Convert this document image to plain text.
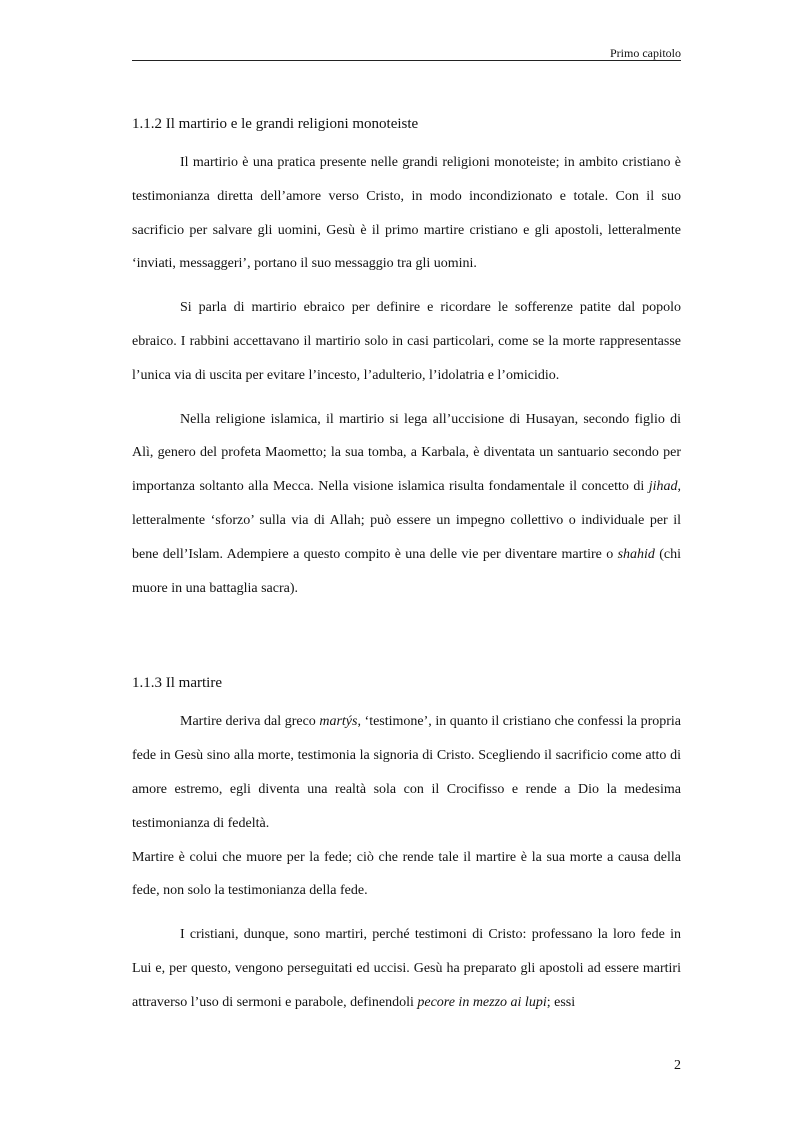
Primo capitolo
1.1.2 Il martirio e le grandi religioni monoteiste

Il martirio è una pratica presente nelle grandi religioni monoteiste; in ambito cristiano è testimonianza diretta dell’amore verso Cristo, in modo incondizionato e totale. Con il suo sacrificio per salvare gli uomini, Gesù è il primo martire cristiano e gli apostoli, letteralmente ‘inviati, messaggeri’, portano il suo messaggio tra gli uomini.

Si parla di martirio ebraico per definire e ricordare le sofferenze patite dal popolo ebraico. I rabbini accettavano il martirio solo in casi particolari, come se la morte rappresentasse l’unica via di uscita per evitare l’incesto, l’adulterio, l’idolatria e l’omicidio.

Nella religione islamica, il martirio si lega all’uccisione di Husayan, secondo figlio di Alì, genero del profeta Maometto; la sua tomba, a Karbala, è diventata un santuario secondo per importanza soltanto alla Mecca. Nella visione islamica risulta fondamentale il concetto di jihad, letteralmente ‘sforzo’ sulla via di Allah; può essere un impegno collettivo o individuale per il bene dell’Islam. Adempiere a questo compito è una delle vie per diventare martire o shahid (chi muore in una battaglia sacra).

1.1.3 Il martire

Martire deriva dal greco martýs, ‘testimone’, in quanto il cristiano che confessi la propria fede in Gesù sino alla morte, testimonia la signoria di Cristo. Scegliendo il sacrificio come atto di amore estremo, egli diventa una realtà sola con il Crocifisso e rende a Dio la medesima testimonianza di fedeltà.

Martire è colui che muore per la fede; ciò che rende tale il martire è la sua morte a causa della fede, non solo la testimonianza della fede.

I cristiani, dunque, sono martiri, perché testimoni di Cristo: professano la loro fede in Lui e, per questo, vengono perseguitati ed uccisi. Gesù ha preparato gli apostoli ad essere martiri attraverso l’uso di sermoni e parabole, definendoli pecore in mezzo ai lupi; essi

2
